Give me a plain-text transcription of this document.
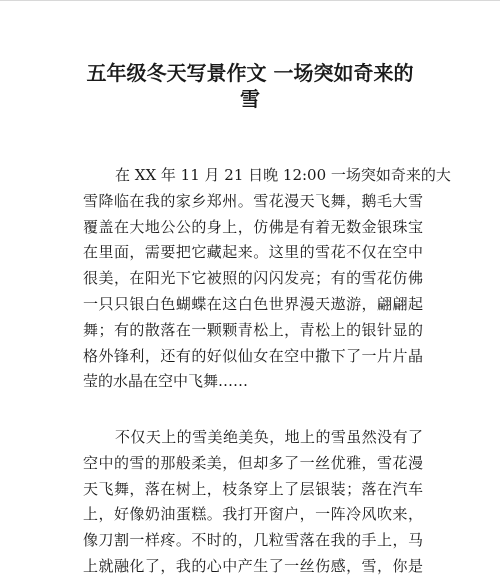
五年级冬天写景作文 一场突如奇来的
雪
在 XX 年 11 月 21 日晚 12:00 一场突如奇来的大
雪降临在我的家乡郑州。雪花漫天飞舞，鹅毛大雪
覆盖在大地公公的身上，仿佛是有着无数金银珠宝
在里面，需要把它藏起来。这里的雪花不仅在空中
很美，在阳光下它被照的闪闪发亮；有的雪花仿佛
一只只银白色蝴蝶在这白色世界漫天遨游，翩翩起
舞；有的散落在一颗颗青松上，青松上的银针显的
格外锋利，还有的好似仙女在空中撒下了一片片晶
莹的水晶在空中飞舞……
不仅天上的雪美绝美奂，地上的雪虽然没有了
空中的雪的那般柔美，但却多了一丝优雅，雪花漫
天飞舞，落在树上，枝条穿上了层银装；落在汽车
上，好像奶油蛋糕。我打开窗户，一阵冷风吹来，
像刀割一样疼。不时的，几粒雪落在我的手上，马
上就融化了，我的心中产生了一丝伤感，雪，你是
